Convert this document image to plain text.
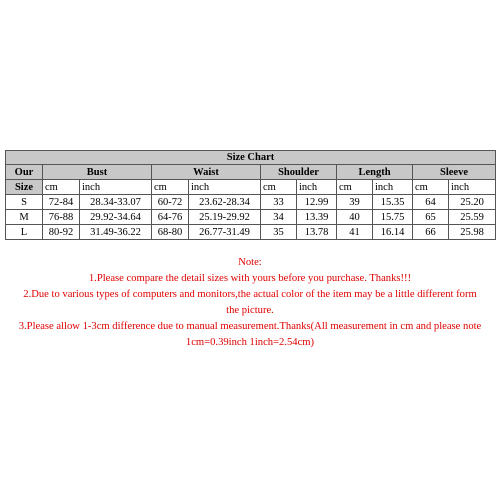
Size Chart										
Our	Bust		Waist		Shoulder		Length		Sleeve	
Size	cm	inch	cm	inch	cm	inch	cm	inch	cm	inch
S	72-84	28.34-33.07	60-72	23.62-28.34	33	12.99	39	15.35	64	25.20
M	76-88	29.92-34.64	64-76	25.19-29.92	34	13.39	40	15.75	65	25.59
L	80-92	31.49-36.22	68-80	26.77-31.49	35	13.78	41	16.14	66	25.98
Note:
1.Please compare the detail sizes with yours before you purchase. Thanks!!!
2.Due to various types of computers and monitors,the actual color of the item may be a little different form
the picture.
3.Please allow 1-3cm difference due to manual measurement.Thanks(All measurement in cm and please note
1cm=0.39inch 1inch=2.54cm)
